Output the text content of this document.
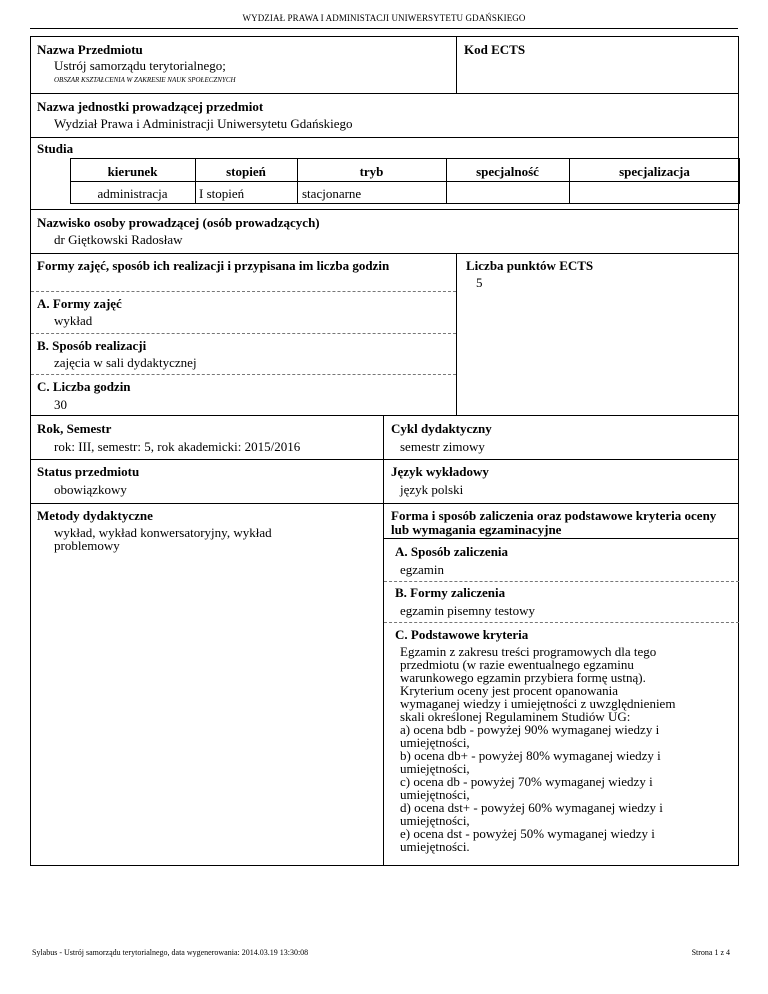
WYDZIAŁ PRAWA I ADMINISTACJI UNIWERSYTETU GDAŃSKIEGO
Nazwa Przedmiotu
Ustrój samorządu terytorialnego;
OBSZAR KSZTAŁCENIA W ZAKRESIE NAUK SPOŁECZNYCH
Kod ECTS
Nazwa jednostki prowadzącej przedmiot
Wydział Prawa i Administracji Uniwersytetu Gdańskiego
Studia
kierunek	stopień	tryb	specjalność	specjalizacja
administracja	I stopień	stacjonarne
Nazwisko osoby prowadzącej (osób prowadzących)
dr Giętkowski Radosław
Formy zajęć, sposób ich realizacji i przypisana im liczba godzin
A. Formy zajęć
wykład
B. Sposób realizacji
zajęcia w sali dydaktycznej
C. Liczba godzin
30
Liczba punktów ECTS
5
Rok, Semestr
rok: III, semestr: 5, rok akademicki: 2015/2016
Cykl dydaktyczny
semestr zimowy
Status przedmiotu
obowiązkowy
Język wykładowy
język polski
Metody dydaktyczne
wykład, wykład konwersatoryjny, wykład problemowy
Forma i sposób zaliczenia oraz podstawowe kryteria oceny lub wymagania egzaminacyjne
A. Sposób zaliczenia
egzamin
B. Formy zaliczenia
egzamin pisemny testowy
C. Podstawowe kryteria
Egzamin z zakresu treści programowych dla tego
przedmiotu (w razie ewentualnego egzaminu
warunkowego egzamin przybiera formę ustną).
Kryterium oceny jest procent opanowania
wymaganej wiedzy i umiejętności z uwzględnieniem
skali określonej Regulaminem Studiów UG:
a) ocena bdb - powyżej 90% wymaganej wiedzy i
umiejętności,
b) ocena db+ - powyżej 80% wymaganej wiedzy i
umiejętności,
c) ocena db - powyżej 70% wymaganej wiedzy i
umiejętności,
d) ocena dst+ - powyżej 60% wymaganej wiedzy i
umiejętności,
e) ocena dst - powyżej 50% wymaganej wiedzy i
umiejętności.
Sylabus - Ustrój samorządu terytorialnego, data wygenerowania: 2014.03.19 13:30:08	Strona 1 z 4
